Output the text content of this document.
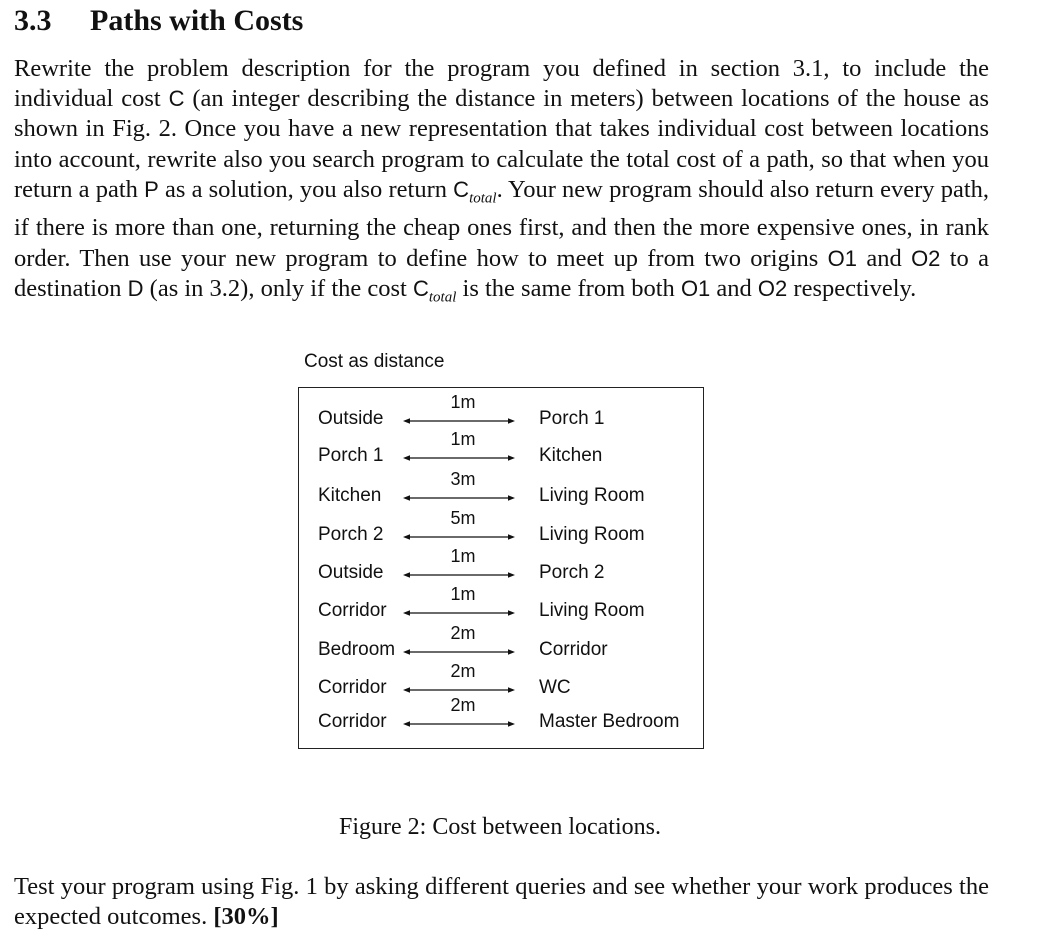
3.3 Paths with Costs

Rewrite the problem description for the program you defined in section 3.1, to include the individual cost C (an integer describing the distance in meters) between locations of the house as shown in Fig. 2. Once you have a new representation that takes individual cost between locations into account, rewrite also you search program to calculate the total cost of a path, so that when you return a path P as a solution, you also return $C_{total}$. Your new program should also return every path, if there is more than one, returning the cheap ones first, and then the more expensive ones, in rank order. Then use your new program to define how to meet up from two origins O1 and O2 to a destination D (as in 3.2), only if the cost $C_{total}$ is the same from both O1 and O2 respectively.

Cost as distance
Outside
1m
Porch 1
Porch 1
1m
Kitchen
Kitchen
3m
Living Room
Porch 2
5m
Living Room
Outside
1m
Porch 2
Corridor
1m
Living Room
Bedroom
2m
Corridor
Corridor
2m
WC
Corridor
2m
Master Bedroom
Figure 2: Cost between locations.

Test your program using Fig. 1 by asking different queries and see whether your work produces the expected outcomes. [30%]
